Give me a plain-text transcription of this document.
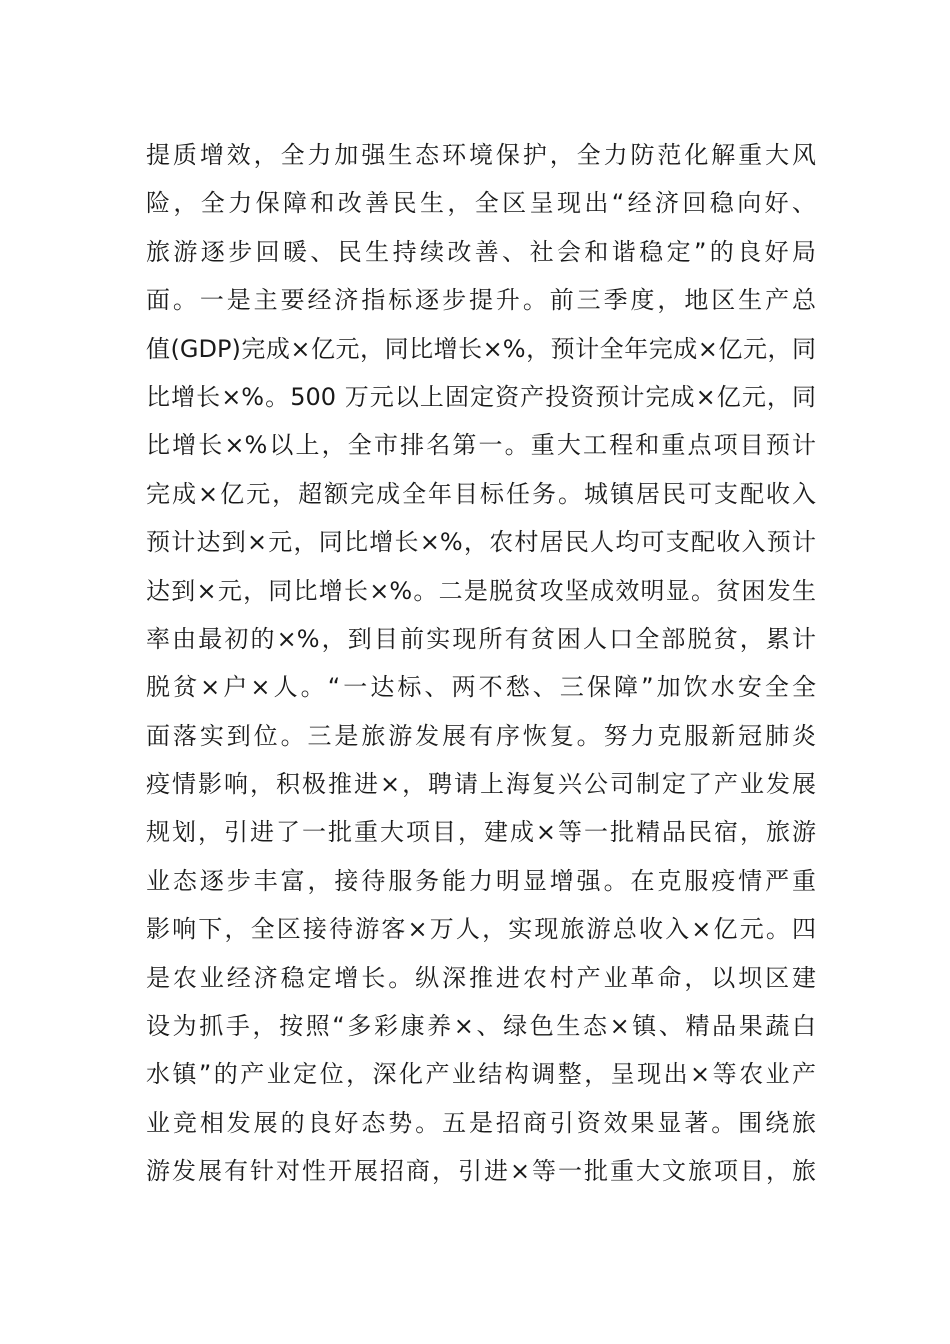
提质增效，全力加强生态环境保护，全力防范化解重大风
险，全力保障和改善民生，全区呈现出“经济回稳向好、
旅游逐步回暖、民生持续改善、社会和谐稳定”的良好局
面。一是主要经济指标逐步提升。前三季度，地区生产总
值(GDP)完成×亿元，同比增长×%，预计全年完成×亿元，同
比增长×%。500 万元以上固定资产投资预计完成×亿元，同
比增长×%以上，全市排名第一。重大工程和重点项目预计
完成×亿元，超额完成全年目标任务。城镇居民可支配收入
预计达到×元，同比增长×%，农村居民人均可支配收入预计
达到×元，同比增长×%。二是脱贫攻坚成效明显。贫困发生
率由最初的×%，到目前实现所有贫困人口全部脱贫，累计
脱贫×户×人。“一达标、两不愁、三保障”加饮水安全全
面落实到位。三是旅游发展有序恢复。努力克服新冠肺炎
疫情影响，积极推进×，聘请上海复兴公司制定了产业发展
规划，引进了一批重大项目，建成×等一批精品民宿，旅游
业态逐步丰富，接待服务能力明显增强。在克服疫情严重
影响下，全区接待游客×万人，实现旅游总收入×亿元。四
是农业经济稳定增长。纵深推进农村产业革命，以坝区建
设为抓手，按照“多彩康养×、绿色生态×镇、精品果蔬白
水镇”的产业定位，深化产业结构调整，呈现出×等农业产
业竞相发展的良好态势。五是招商引资效果显著。围绕旅
游发展有针对性开展招商，引进×等一批重大文旅项目，旅
